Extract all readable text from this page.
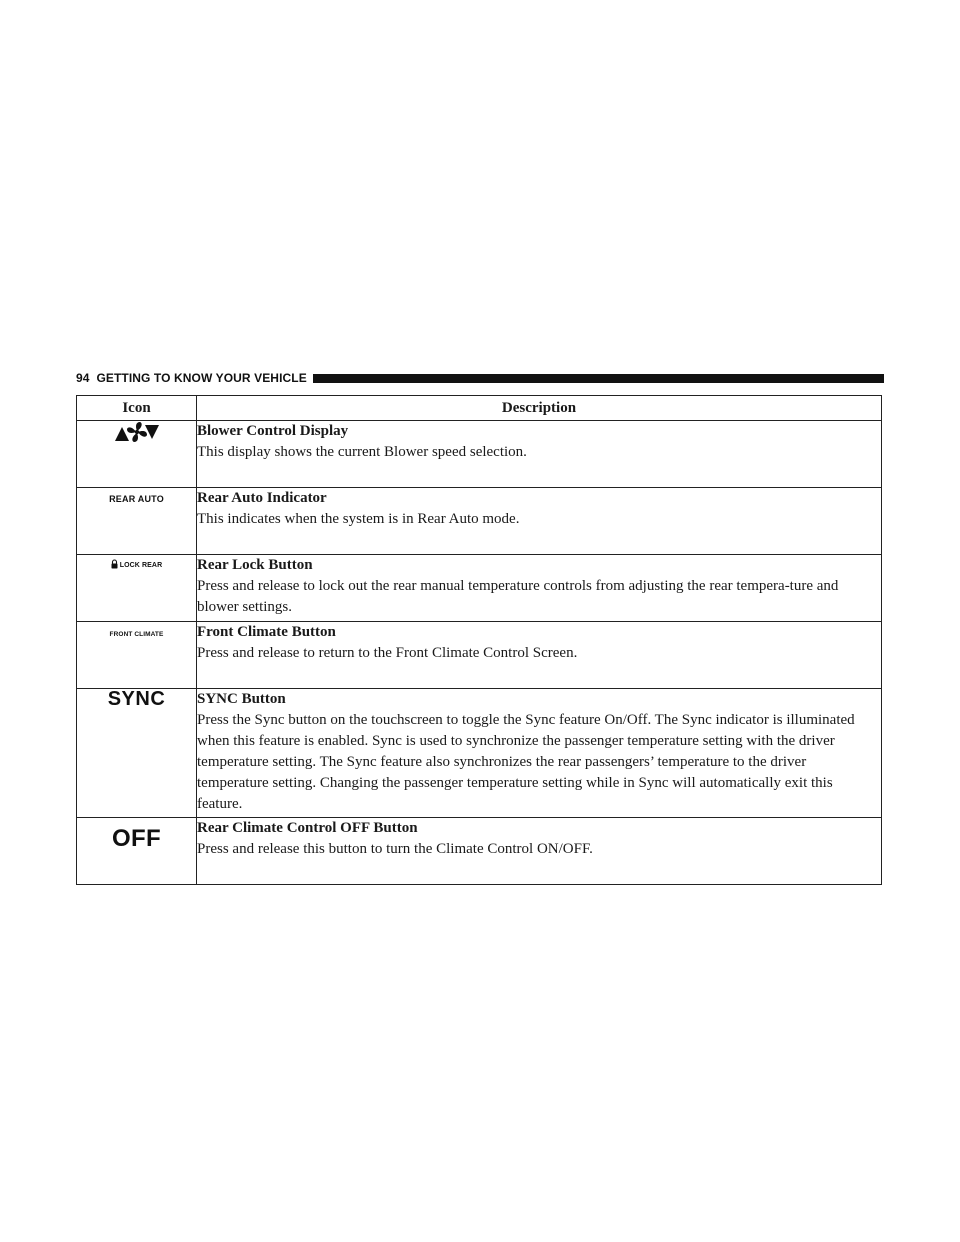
94 GETTING TO KNOW YOUR VEHICLE
Icon	Description

Blower Control Display
This display shows the current Blower speed selection.

REAR AUTO	Rear Auto Indicator
This indicates when the system is in Rear Auto mode.

LOCK REAR	Rear Lock Button
Press and release to lock out the rear manual temperature controls from adjusting the rear tempera-ture and blower settings.

FRONT CLIMATE	Front Climate Button
Press and release to return to the Front Climate Control Screen.

SYNC	SYNC Button
Press the Sync button on the touchscreen to toggle the Sync feature On/Off. The Sync indicator is illuminated when this feature is enabled. Sync is used to synchronize the passenger temperature setting with the driver temperature setting. The Sync feature also synchronizes the rear passengers’ temperature to the driver temperature setting. Changing the passenger temperature setting while in Sync will automatically exit this feature.

OFF	Rear Climate Control OFF Button
Press and release this button to turn the Climate Control ON/OFF.
